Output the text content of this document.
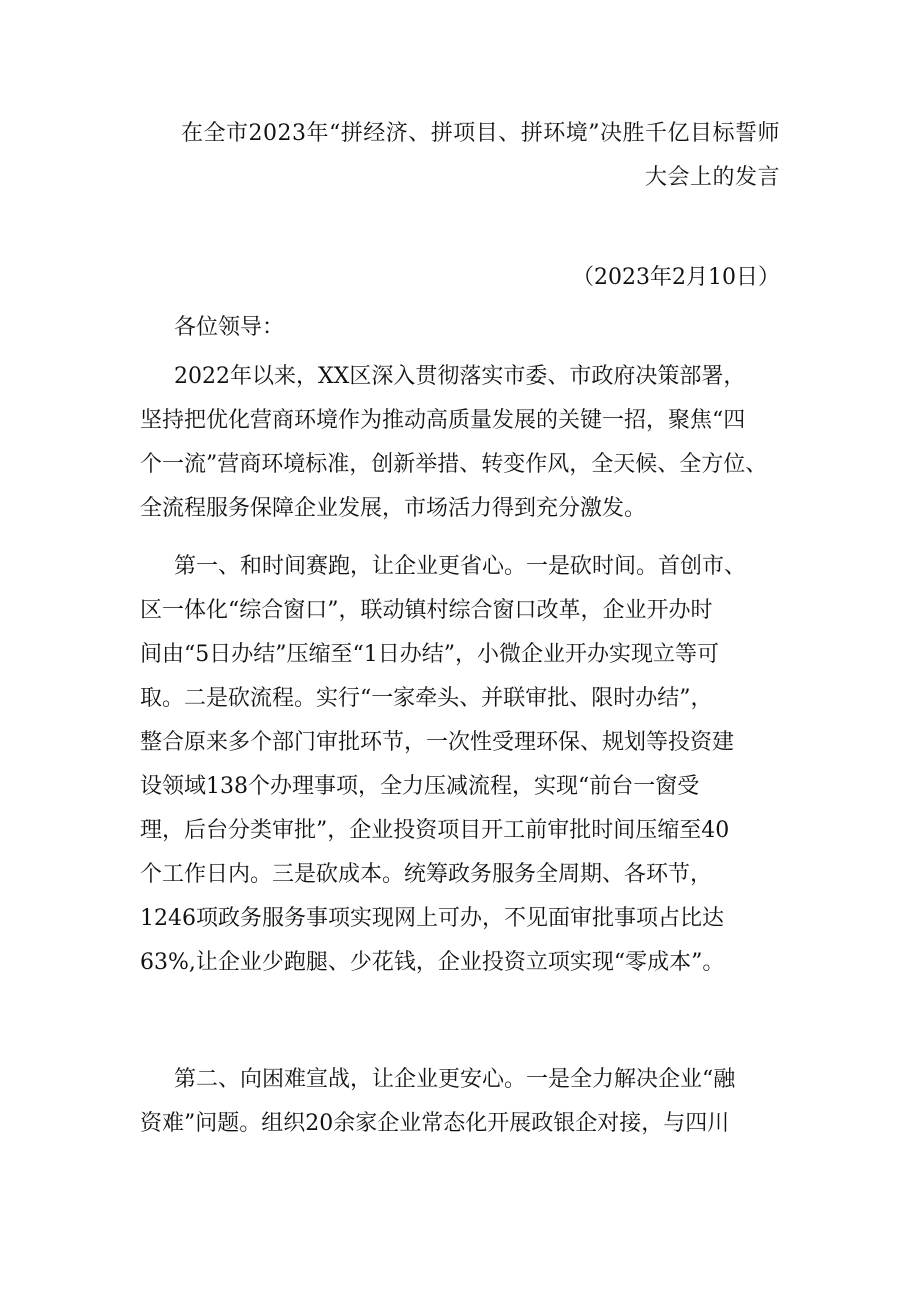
在全市2023年“拼经济、拼项目、拼环境”决胜千亿目标誓师
大会上的发言
（2023年2月10日）
各位领导：
2022年以来，XX区深入贯彻落实市委、市政府决策部署，
坚持把优化营商环境作为推动高质量发展的关键一招，聚焦“四
个一流”营商环境标准，创新举措、转变作风，全天候、全方位、
全流程服务保障企业发展，市场活力得到充分激发。
第一、和时间赛跑，让企业更省心。一是砍时间。首创市、
区一体化“综合窗口”，联动镇村综合窗口改革，企业开办时
间由“5日办结”压缩至“1日办结”，小微企业开办实现立等可
取。二是砍流程。实行“一家牵头、并联审批、限时办结”，
整合原来多个部门审批环节，一次性受理环保、规划等投资建
设领域138个办理事项，全力压减流程，实现“前台一窗受
理，后台分类审批”，企业投资项目开工前审批时间压缩至40
个工作日内。三是砍成本。统筹政务服务全周期、各环节，
1246项政务服务事项实现网上可办，不见面审批事项占比达
63%,让企业少跑腿、少花钱，企业投资立项实现“零成本”。
第二、向困难宣战，让企业更安心。一是全力解决企业“融
资难”问题。组织20余家企业常态化开展政银企对接，与四川
